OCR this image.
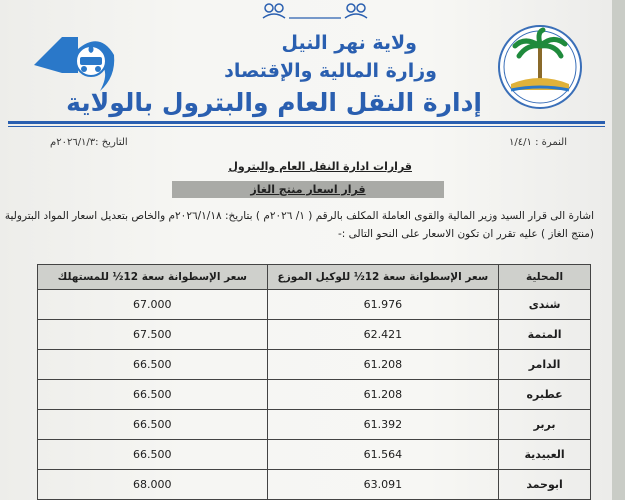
ولاية نهر النيل
وزارة المالية والإقتصاد
إدارة النقل العام والبترول بالولاية
النمرة : ١/٤/١
التاريخ :٢٠٢٦/١/٣م
قرارات ادارة النقل العام والبترول
قرار اسعار منتج الغاز
اشارة الى قرار السيد وزير المالية والقوى العاملة المكلف بالرقم ( ١/ ٢٠٢٦م ) بتاريخ: ٢٠٢٦/١/١٨م والخاص بتعديل اسعار المواد البترولية (منتج الغاز ) عليه تقرر ان تكون الاسعار على النحو التالى :-
المحلية	سعر الإسطوانة سعة 12½ للوكيل الموزع	سعر الإسطوانة سعة 12½ للمستهلك
شندى	61.976	67.000
المتمة	62.421	67.500
الدامر	61.208	66.500
عطبره	61.208	66.500
بربر	61.392	66.500
العبيدية	61.564	66.500
ابوحمد	63.091	68.000
